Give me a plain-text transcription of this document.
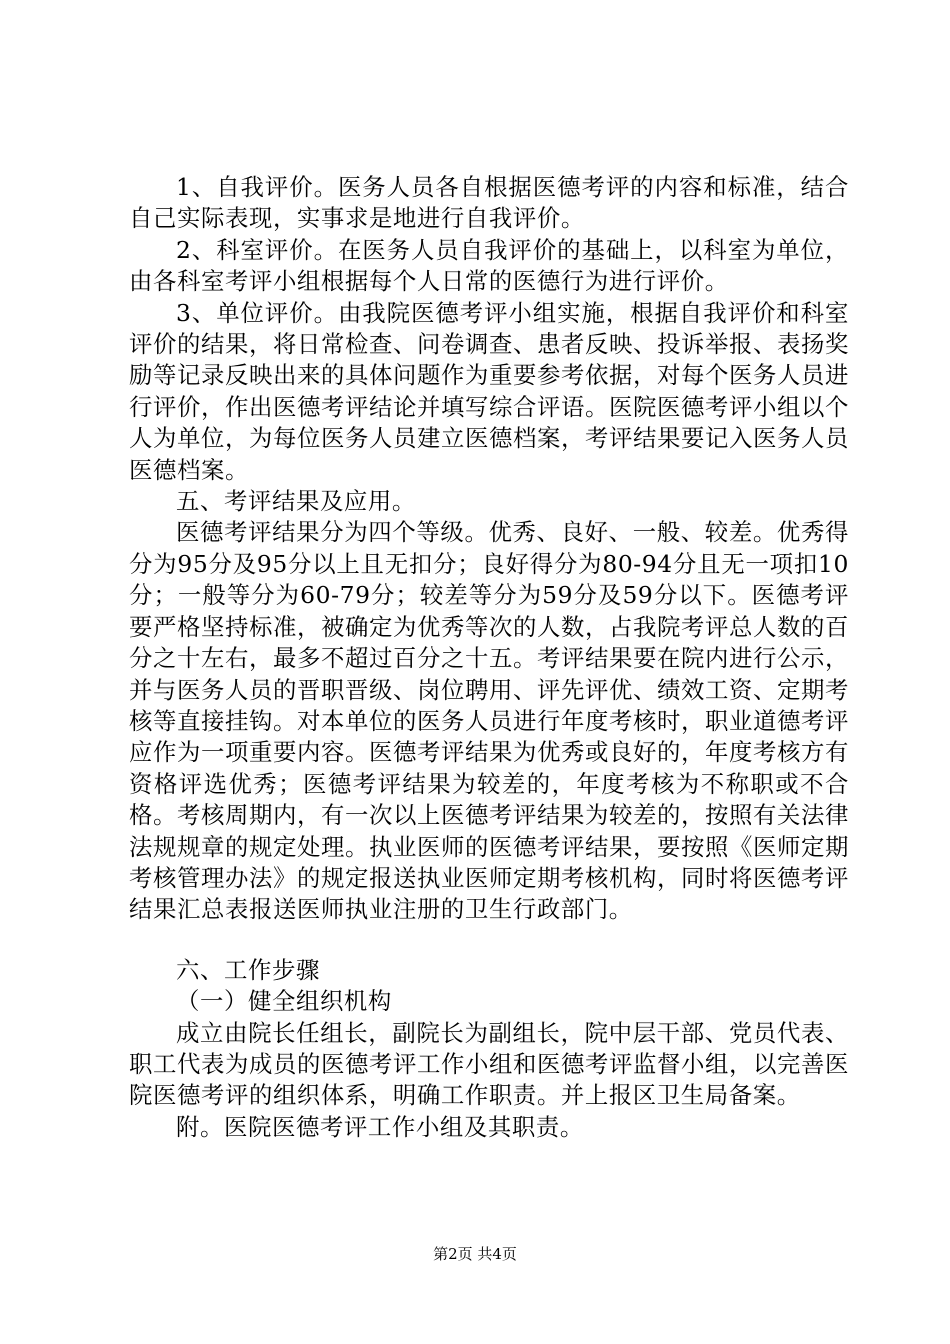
1、自我评价。医务人员各自根据医德考评的内容和标准，结合自己实际表现，实事求是地进行自我评价。

2、科室评价。在医务人员自我评价的基础上，以科室为单位，由各科室考评小组根据每个人日常的医德行为进行评价。

3、单位评价。由我院医德考评小组实施，根据自我评价和科室评价的结果，将日常检查、问卷调查、患者反映、投诉举报、表扬奖励等记录反映出来的具体问题作为重要参考依据，对每个医务人员进行评价，作出医德考评结论并填写综合评语。医院医德考评小组以个人为单位，为每位医务人员建立医德档案，考评结果要记入医务人员医德档案。

五、考评结果及应用。

医德考评结果分为四个等级。优秀、良好、一般、较差。优秀得分为95分及95分以上且无扣分；良好得分为80-94分且无一项扣10分；一般等分为60-79分；较差等分为59分及59分以下。医德考评要严格坚持标准，被确定为优秀等次的人数，占我院考评总人数的百分之十左右，最多不超过百分之十五。考评结果要在院内进行公示，并与医务人员的晋职晋级、岗位聘用、评先评优、绩效工资、定期考核等直接挂钩。对本单位的医务人员进行年度考核时，职业道德考评应作为一项重要内容。医德考评结果为优秀或良好的，年度考核方有资格评选优秀；医德考评结果为较差的，年度考核为不称职或不合格。考核周期内，有一次以上医德考评结果为较差的，按照有关法律法规规章的规定处理。执业医师的医德考评结果，要按照《医师定期考核管理办法》的规定报送执业医师定期考核机构，同时将医德考评结果汇总表报送医师执业注册的卫生行政部门。

六、工作步骤

（一）健全组织机构

成立由院长任组长，副院长为副组长，院中层干部、党员代表、职工代表为成员的医德考评工作小组和医德考评监督小组，以完善医院医德考评的组织体系，明确工作职责。并上报区卫生局备案。

附。医院医德考评工作小组及其职责。

第2页 共4页
